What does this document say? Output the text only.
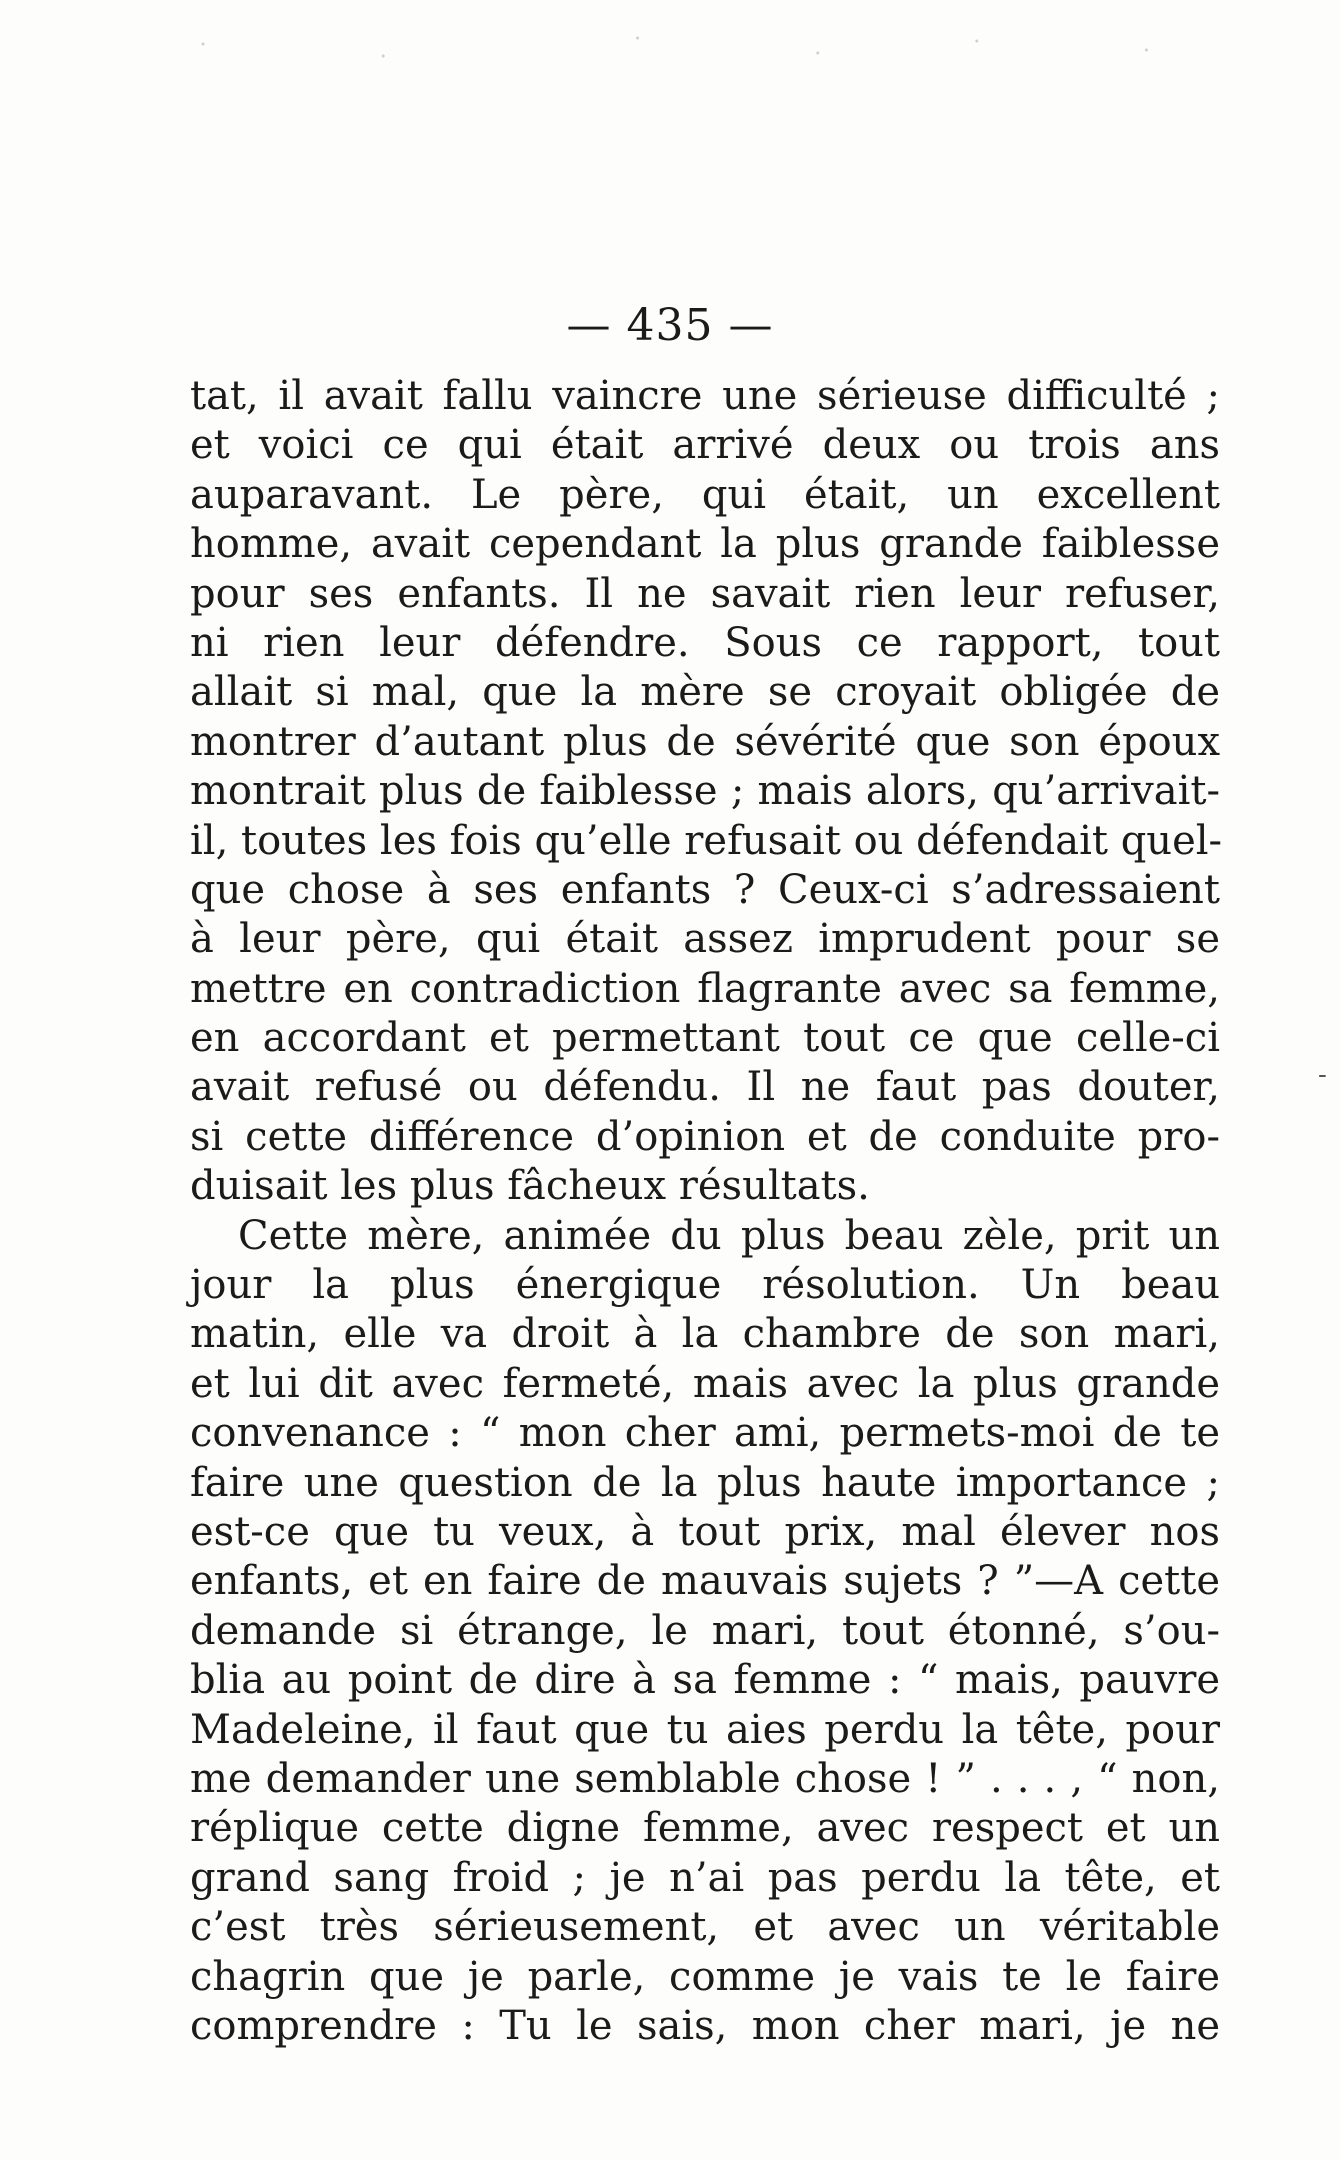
— 435 —
tat, il avait fallu vaincre une sérieuse difficulté ;
et voici ce qui était arrivé deux ou trois ans
auparavant. Le père, qui était, un excellent
homme, avait cependant la plus grande faiblesse
pour ses enfants. Il ne savait rien leur refuser,
ni rien leur défendre. Sous ce rapport, tout
allait si mal, que la mère se croyait obligée de
montrer d’autant plus de sévérité que son époux
montrait plus de faiblesse ; mais alors, qu’arrivait-
il, toutes les fois qu’elle refusait ou défendait quel-
que chose à ses enfants ? Ceux-ci s’adressaient
à leur père, qui était assez imprudent pour se
mettre en contradiction flagrante avec sa femme,
en accordant et permettant tout ce que celle-ci
avait refusé ou défendu. Il ne faut pas douter,
si cette différence d’opinion et de conduite pro-
duisait les plus fâcheux résultats.
Cette mère, animée du plus beau zèle, prit un
jour la plus énergique résolution. Un beau
matin, elle va droit à la chambre de son mari,
et lui dit avec fermeté, mais avec la plus grande
convenance : “ mon cher ami, permets-moi de te
faire une question de la plus haute importance ;
est-ce que tu veux, à tout prix, mal élever nos
enfants, et en faire de mauvais sujets ? ”—A cette
demande si étrange, le mari, tout étonné, s’ou-
blia au point de dire à sa femme : “ mais, pauvre
Madeleine, il faut que tu aies perdu la tête, pour
me demander une semblable chose ! ” . . . , “ non,
réplique cette digne femme, avec respect et un
grand sang froid ; je n’ai pas perdu la tête, et
c’est très sérieusement, et avec un véritable
chagrin que je parle, comme je vais te le faire
comprendre : Tu le sais, mon cher mari, je ne
-
